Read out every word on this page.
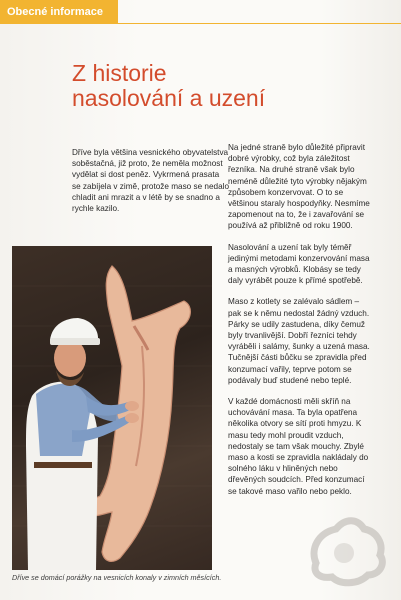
Obecné informace
Z historie
nasolování a uzení

Dříve byla většina vesnického obyvatelstva soběstačná, již proto, že neměla možnost vydělat si dost peněz. Vykrmená prasata se zabíjela v zimě, protože maso se nedalo chladit ani mrazit a v létě by se snadno a rychle kazilo.

Na jedné straně bylo důležité připravit dobré výrobky, což byla záležitost řezníka. Na druhé straně však bylo neméně důležité tyto výrobky nějakým způsobem konzervovat. O to se většinou staraly hospodyňky. Nesmíme zapomenout na to, že i zavařování se používá až přibližně od roku 1900.

Nasolování a uzení tak byly téměř jedinými metodami konzervování masa a masných výrobků. Klobásy se tedy daly vyrábět pouze k přímé spotřebě.

Maso z kotlety se zalévalo sádlem – pak se k němu nedostal žádný vzduch. Párky se udily zastudena, díky čemuž byly trvanlivější. Dobří řezníci tehdy vyráběli i salámy, šunky a uzená masa. Tučnější části bůčku se zpravidla před konzumací vařily, teprve potom se podávaly buď studené nebo teplé.

V každé domácnosti měli skříň na uchovávání masa. Ta byla opatřena několika otvory se sítí proti hmyzu. K masu tedy mohl proudit vzduch, nedostaly se tam však mouchy. Zbylé maso a kosti se zpravidla nakládaly do solného láku v hliněných nebo dřevěných soudcích. Před konzumací se takové maso vařilo nebo peklo.

Dříve se domácí porážky na vesnicích konaly v zimních měsících.
